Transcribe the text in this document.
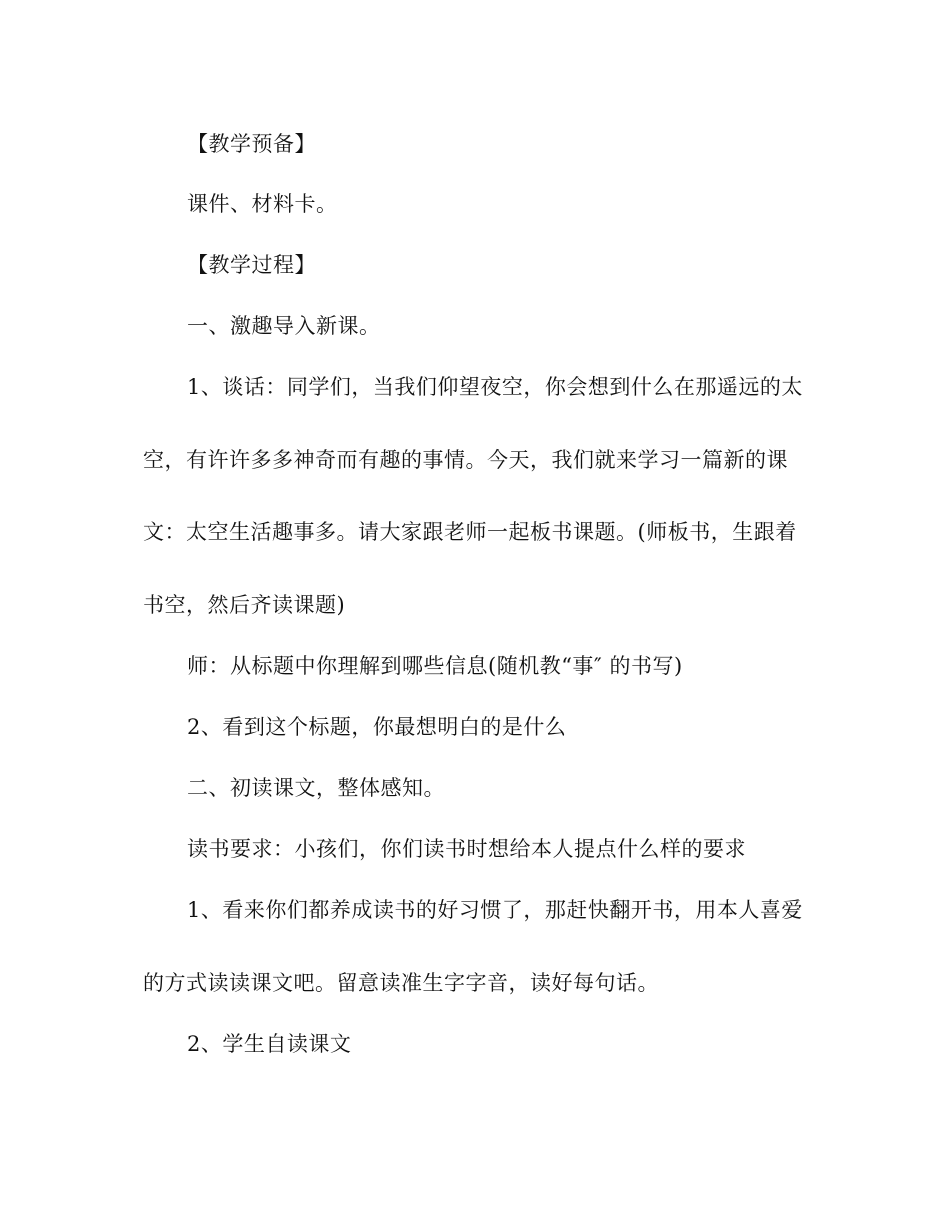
【教学预备】
课件、材料卡。
【教学过程】
一、激趣导入新课。
1、谈话：同学们，当我们仰望夜空，你会想到什么在那遥远的太
空，有许许多多神奇而有趣的事情。今天，我们就来学习一篇新的课
文：太空生活趣事多。请大家跟老师一起板书课题。(师板书，生跟着
书空，然后齐读课题)
师：从标题中你理解到哪些信息(随机教“事″ 的书写)
2、看到这个标题，你最想明白的是什么
二、初读课文，整体感知。
读书要求：小孩们，你们读书时想给本人提点什么样的要求
1、看来你们都养成读书的好习惯了，那赶快翻开书，用本人喜爱
的方式读读课文吧。留意读准生字字音，读好每句话。
2、学生自读课文
